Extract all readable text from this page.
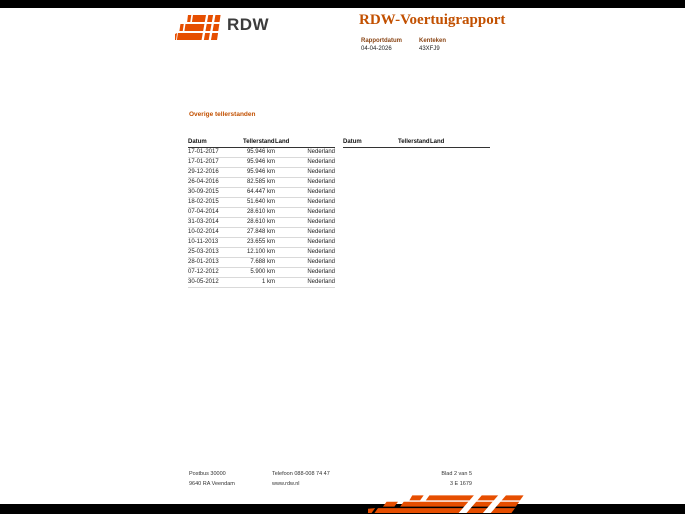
RDW	RDW-Voertuigrapport
Rapportdatum
04-04-2026
Kenteken
43XFJ9
Overige tellerstanden
Datum	Tellerstand	Land
17-01-2017	95.946 km	Nederland
17-01-2017	95.946 km	Nederland
29-12-2016	95.946 km	Nederland
26-04-2016	82.585 km	Nederland
30-09-2015	64.447 km	Nederland
18-02-2015	51.640 km	Nederland
07-04-2014	28.610 km	Nederland
31-03-2014	28.610 km	Nederland
10-02-2014	27.848 km	Nederland
10-11-2013	23.655 km	Nederland
25-03-2013	12.100 km	Nederland
28-01-2013	7.688 km	Nederland
07-12-2012	5.900 km	Nederland
30-05-2012	1 km	Nederland
Datum	Tellerstand	Land
Postbus 30000
9640 RA Veendam
Telefoon 088-008 74 47
www.rdw.nl
Blad 2 van 5
3 E 1679
